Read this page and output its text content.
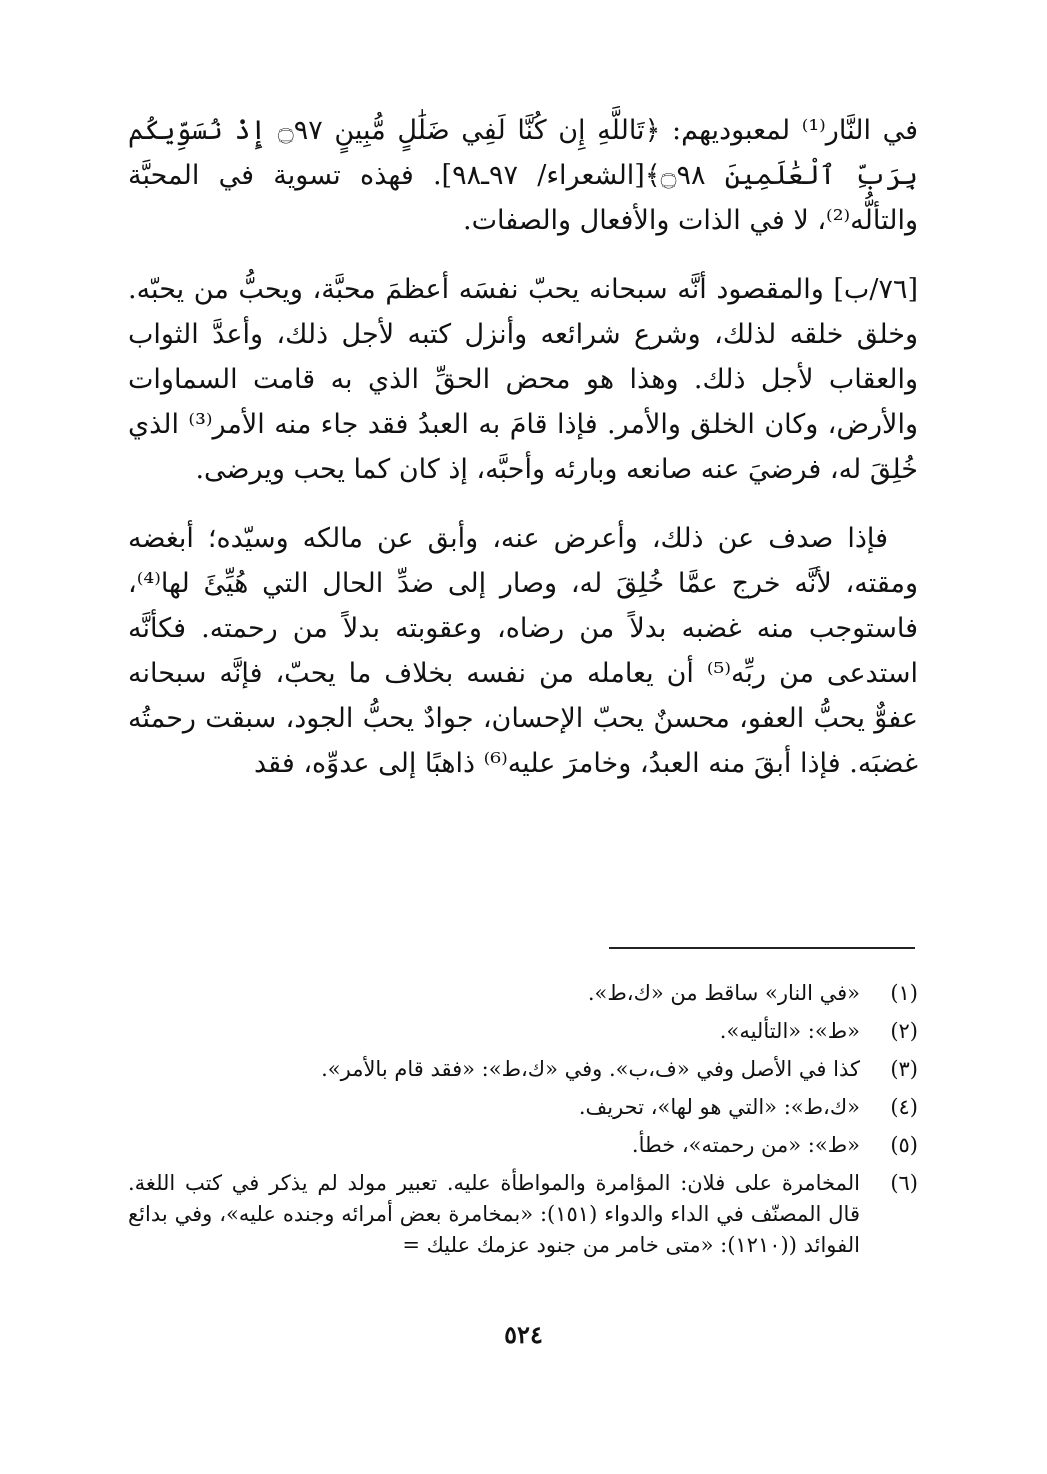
في النَّار⁽¹⁾ لمعبوديهم: ﴿تَاللَّهِ إِن كُنَّا لَفِي ضَلَٰلٍ مُّبِينٍ ۝٩٧ إِذْ نُسَوِّيكُم بِرَبِّ ٱلْعَٰلَمِينَ ۝٩٨﴾[الشعراء/ ٩٧ـ٩٨]. فهذه تسوية في المحبَّة والتألُّه⁽²⁾، لا في الذات والأفعال والصفات.

[٧٦/ب] والمقصود أنَّه سبحانه يحبّ نفسَه أعظمَ محبَّة، ويحبُّ من يحبّه. وخلق خلقه لذلك، وشرع شرائعه وأنزل كتبه لأجل ذلك، وأعدَّ الثواب والعقاب لأجل ذلك. وهذا هو محض الحقِّ الذي به قامت السماوات والأرض، وكان الخلق والأمر. فإذا قامَ به العبدُ فقد جاء منه الأمر⁽³⁾ الذي خُلِقَ له، فرضيَ عنه صانعه وبارئه وأحبَّه، إذ كان كما يحب ويرضى.

فإذا صدف عن ذلك، وأعرض عنه، وأبق عن مالكه وسيّده؛ أبغضه ومقته، لأنَّه خرج عمَّا خُلِقَ له، وصار إلى ضدِّ الحال التي هُيِّئَ لها⁽⁴⁾، فاستوجب منه غضبه بدلاً من رضاه، وعقوبته بدلاً من رحمته. فكأنَّه استدعى من ربِّه⁽⁵⁾ أن يعامله من نفسه بخلاف ما يحبّ، فإنَّه سبحانه عفوٌّ يحبُّ العفو، محسنٌ يحبّ الإحسان، جوادٌ يحبُّ الجود، سبقت رحمتُه غضبَه. فإذا أبقَ منه العبدُ، وخامرَ عليه⁽⁶⁾ ذاهبًا إلى عدوِّه، فقد

(١)
«في النار» ساقط من «ك،ط».
(٢)
«ط»: «التأليه».
(٣)
كذا في الأصل وفي «ف،ب». وفي «ك،ط»: «فقد قام بالأمر».
(٤)
«ك،ط»: «التي هو لها»، تحريف.
(٥)
«ط»: «من رحمته»، خطأ.
(٦)
المخامرة على فلان: المؤامرة والمواطأة عليه. تعبير مولد لم يذكر في كتب اللغة. قال المصنّف في الداء والدواء (١٥١): «بمخامرة بعض أمرائه وجنده عليه»، وفي بدائع الفوائد ((١٢١٠): «متى خامر من جنود عزمك عليك =
٥٢٤
